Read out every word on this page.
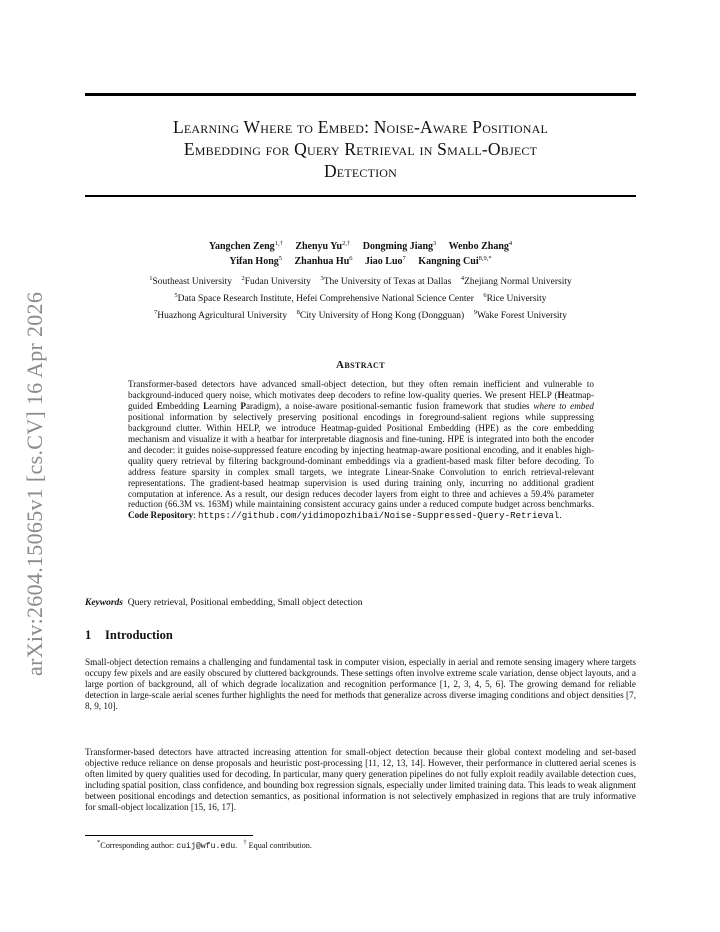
arXiv:2604.15065v1 [cs.CV] 16 Apr 2026
Learning Where to Embed: Noise-Aware Positional
Embedding for Query Retrieval in Small-Object
Detection
Yangchen Zeng$^{1,\dagger}$ Zhenyu $Yu^{2,\dagger}$ Dongming Jiang$^3$ Wenbo Zhang$^4$
Yifan Hong$^5$ Zhanhua Hu$^6$ Jiao Luo$^7$ Kangning Cui$^{8,9,*}$
$^1$Southeast University $^2$Fudan University $^3$The University of Texas at Dallas $^4$Zhejiang Normal University
$^5$Data Space Research Institute, Hefei Comprehensive National Science Center $^6$Rice University
$^7$Huazhong Agricultural University $^8$City University of Hong Kong (Dongguan) $^9$Wake Forest University
Abstract
Transformer-based detectors have advanced small-object detection, but they often remain inefficient and vulnerable to background-induced query noise, which motivates deep decoders to refine low-quality queries. We present HELP (Heatmap-guided Embedding Learning Paradigm), a noise-aware positional-semantic fusion framework that studies where to embed positional information by selectively preserving positional encodings in foreground-salient regions while suppressing background clutter. Within HELP, we introduce Heatmap-guided Positional Embedding (HPE) as the core embedding mechanism and visualize it with a heatbar for interpretable diagnosis and fine-tuning. HPE is integrated into both the encoder and decoder: it guides noise-suppressed feature encoding by injecting heatmap-aware positional encoding, and it enables high-quality query retrieval by filtering background-dominant embeddings via a gradient-based mask filter before decoding. To address feature sparsity in complex small targets, we integrate Linear-Snake Convolution to enrich retrieval-relevant representations. The gradient-based heatmap supervision is used during training only, incurring no additional gradient computation at inference. As a result, our design reduces decoder layers from eight to three and achieves a 59.4% parameter reduction (66.3M vs. 163M) while maintaining consistent accuracy gains under a reduced compute budget across benchmarks. Code Repository: https://github.com/yidimopozhibai/Noise-Suppressed-Query-Retrieval.
Keywords Query retrieval, Positional embedding, Small object detection
1 Introduction
Small-object detection remains a challenging and fundamental task in computer vision, especially in aerial and remote sensing imagery where targets occupy few pixels and are easily obscured by cluttered backgrounds. These settings often involve extreme scale variation, dense object layouts, and a large portion of background, all of which degrade localization and recognition performance [1, 2, 3, 4, 5, 6]. The growing demand for reliable detection in large-scale aerial scenes further highlights the need for methods that generalize across diverse imaging conditions and object densities [7, 8, 9, 10].
Transformer-based detectors have attracted increasing attention for small-object detection because their global context modeling and set-based objective reduce reliance on dense proposals and heuristic post-processing [11, 12, 13, 14]. However, their performance in cluttered aerial scenes is often limited by query qualities used for decoding. In particular, many query generation pipelines do not fully exploit readily available detection cues, including spatial position, class confidence, and bounding box regression signals, especially under limited training data. This leads to weak alignment between positional encodings and detection semantics, as positional information is not selectively emphasized in regions that are truly informative for small-object localization [15, 16, 17].
*Corresponding author: cuij@wfu.edu. † Equal contribution.
